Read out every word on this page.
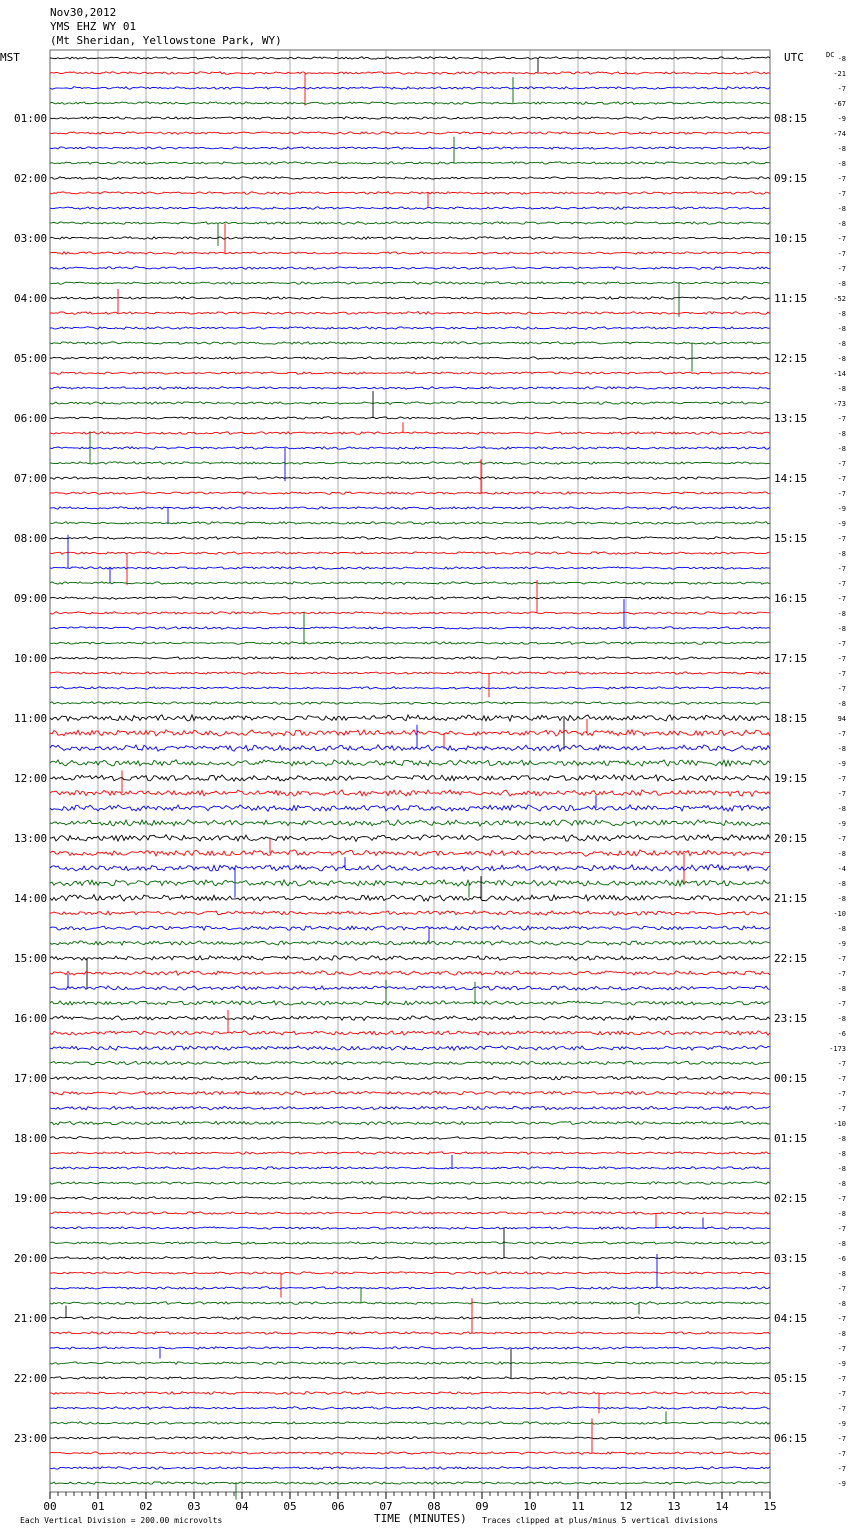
01:00
02:00
03:00
04:00
05:00
06:00
07:00
08:00
09:00
10:00
11:00
12:00
13:00
14:00
15:00
16:00
17:00
18:00
19:00
20:00
21:00
22:00
23:00
08:15
09:15
10:15
11:15
12:15
13:15
14:15
15:15
16:15
17:15
18:15
19:15
20:15
21:15
22:15
23:15
00:15
01:15
02:15
03:15
04:15
05:15
06:15
-8
-21
-7
-67
-9
-74
-8
-8
-7
-7
-8
-8
-7
-7
-7
-8
-52
-8
-8
-8
-8
-14
-8
-73
-7
-8
-8
-7
-7
-7
-9
-9
-7
-8
-7
-7
-7
-8
-8
-7
-7
-7
-7
-8
94
-7
-8
-9
-7
-7
-8
-9
-7
-8
-4
-8
-8
-10
-8
-9
-7
-7
-8
-7
-8
-6
-173
-7
-7
-7
-7
-10
-8
-8
-8
-8
-7
-8
-7
-8
-6
-8
-7
-8
-7
-8
-7
-9
-7
-7
-7
-9
-7
-7
-7
-9
00	01	02	03	04	05	06	07	08	09	10	11	12	13	14	15
Nov30,2012
YMS EHZ WY 01
(Mt Sheridan, Yellowstone Park, WY)
MST	UTC	DC
Each Vertical Division = 200.00 microvolts	TIME (MINUTES) Traces clipped at plus/minus 5 vertical divisions
